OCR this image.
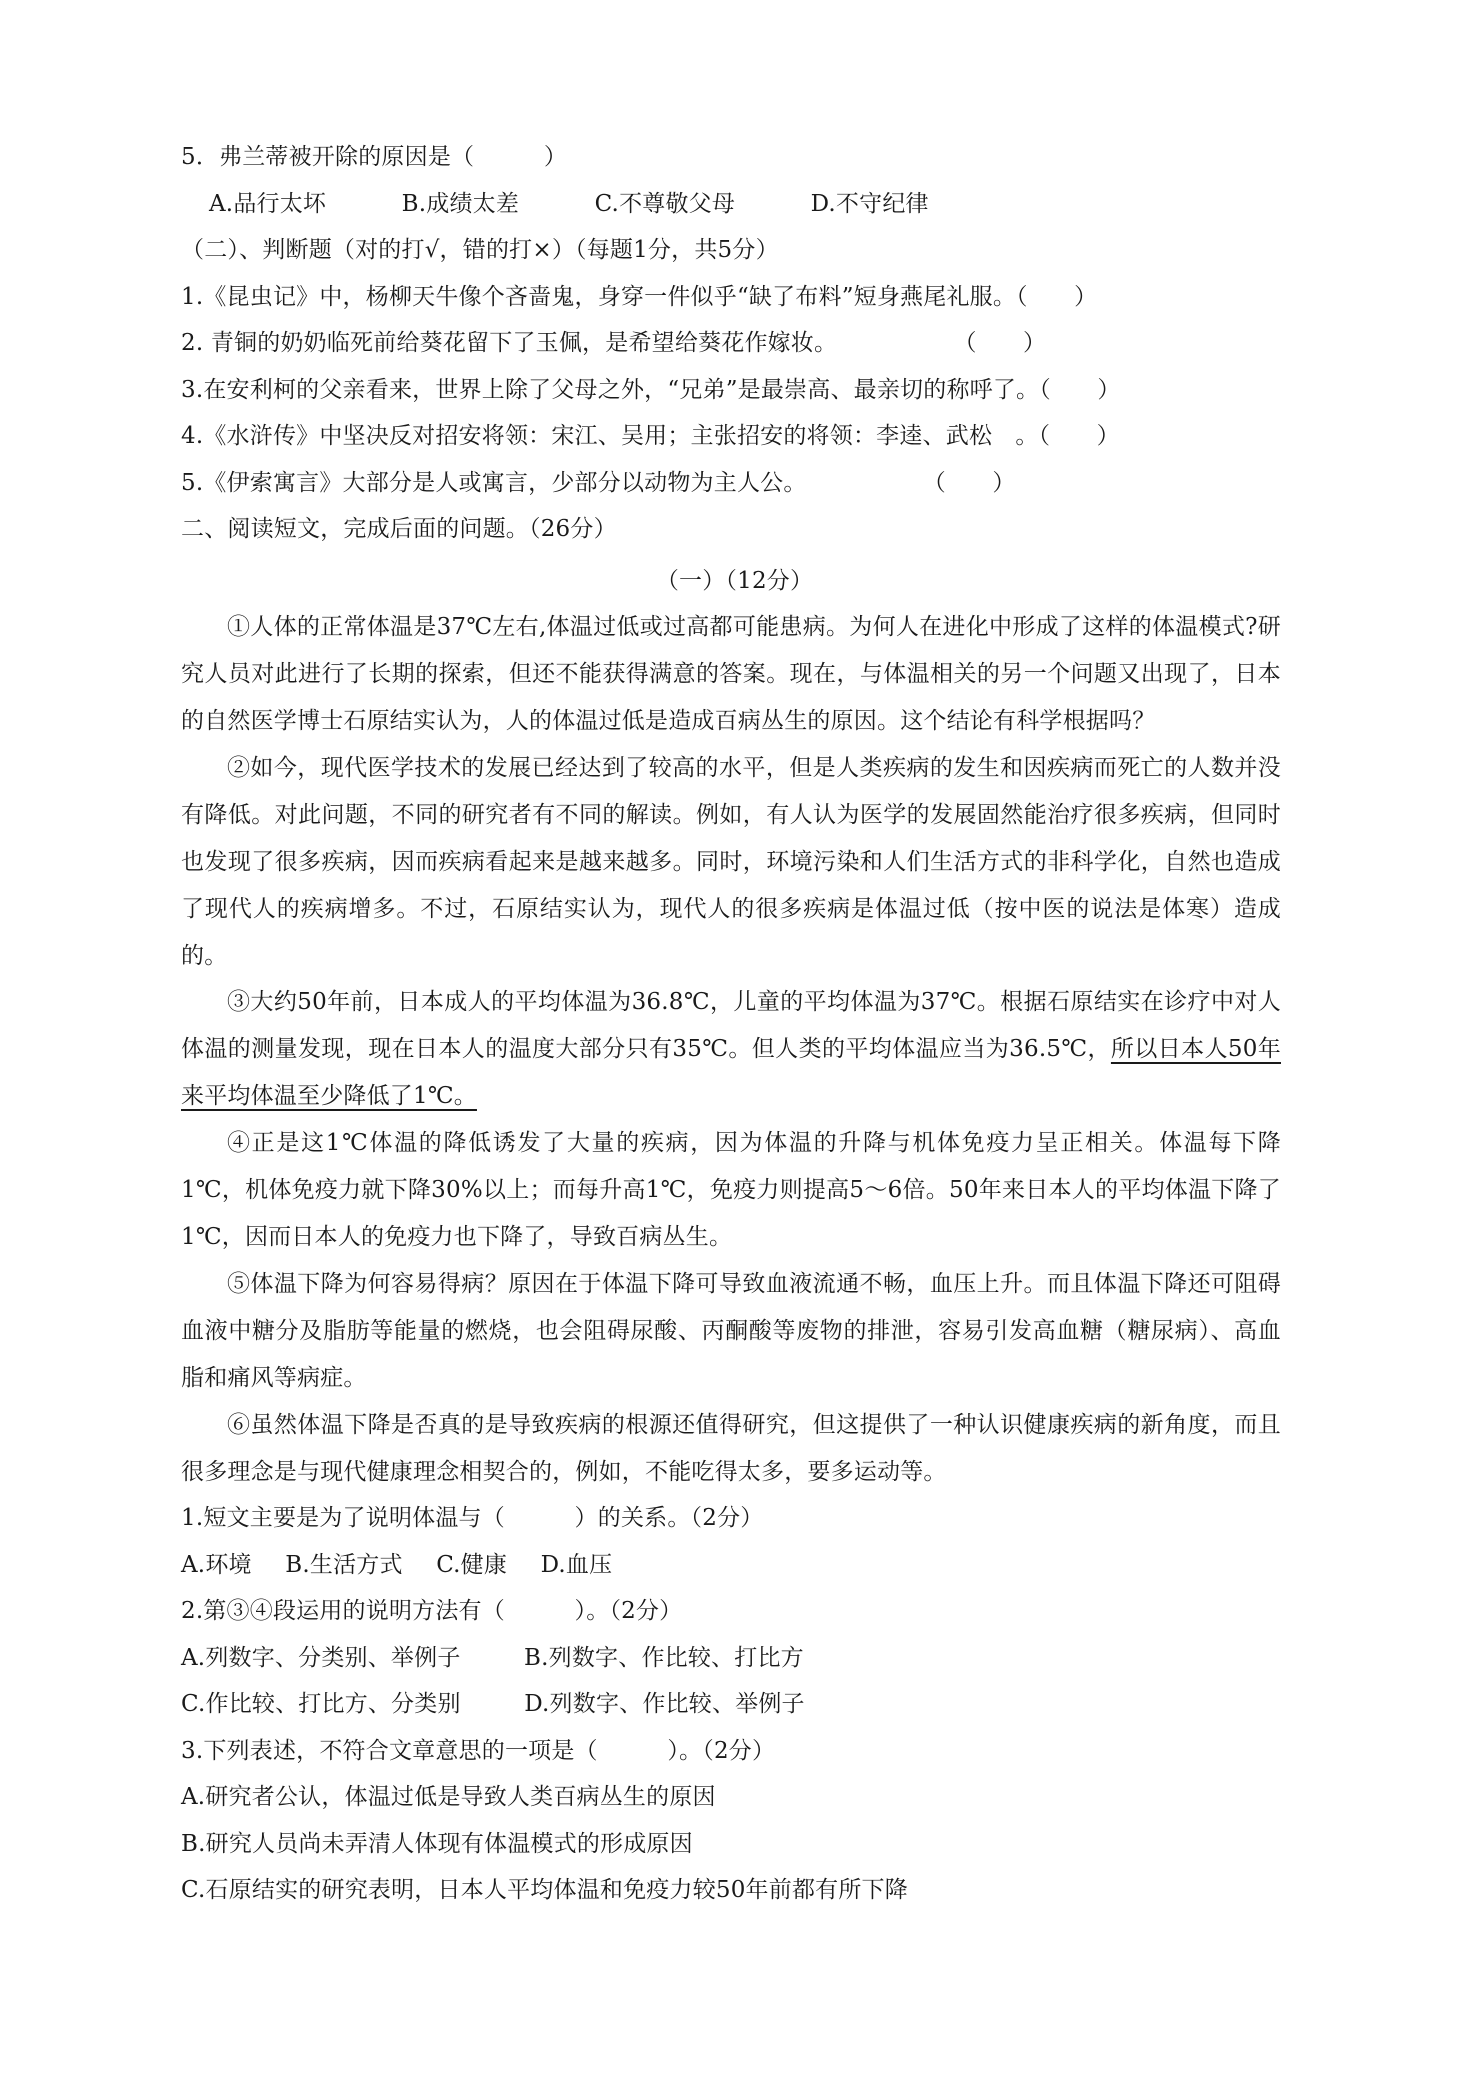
5．弗兰蒂被开除的原因是（　　　）
A.品行太坏	B.成绩太差	C.不尊敬父母	D.不守纪律
（二）、判断题（对的打√，错的打×）（每题1分，共5分）
1.《昆虫记》中，杨柳天牛像个吝啬鬼，身穿一件似乎“缺了布料”短身燕尾礼服。（　　）
2. 青铜的奶奶临死前给葵花留下了玉佩，是希望给葵花作嫁妆。　　　　　　（　　）
3.在安利柯的父亲看来，世界上除了父母之外，“兄弟”是最崇高、最亲切的称呼了。（　　）
4.《水浒传》中坚决反对招安将领：宋江、吴用；主张招安的将领：李逵、武松　。（　　）
5.《伊索寓言》大部分是人或寓言，少部分以动物为主人公。　　　　　　（　　）
二、阅读短文，完成后面的问题。（26分）
（一）（12分）
①人体的正常体温是37℃左右,体温过低或过高都可能患病。为何人在进化中形成了这样的体温模式?研究人员对此进行了长期的探索，但还不能获得满意的答案。现在，与体温相关的另一个问题又出现了，日本的自然医学博士石原结实认为，人的体温过低是造成百病丛生的原因。这个结论有科学根据吗？
②如今，现代医学技术的发展已经达到了较高的水平，但是人类疾病的发生和因疾病而死亡的人数并没有降低。对此问题，不同的研究者有不同的解读。例如，有人认为医学的发展固然能治疗很多疾病，但同时也发现了很多疾病，因而疾病看起来是越来越多。同时，环境污染和人们生活方式的非科学化，自然也造成了现代人的疾病增多。不过，石原结实认为，现代人的很多疾病是体温过低（按中医的说法是体寒）造成的。
③大约50年前，日本成人的平均体温为36.8℃，儿童的平均体温为37℃。根据石原结实在诊疗中对人体温的测量发现，现在日本人的温度大部分只有35℃。但人类的平均体温应当为36.5℃，所以日本人50年来平均体温至少降低了1℃。
④正是这1℃体温的降低诱发了大量的疾病，因为体温的升降与机体免疫力呈正相关。体温每下降1℃，机体免疫力就下降30%以上；而每升高1℃，免疫力则提高5～6倍。50年来日本人的平均体温下降了1℃，因而日本人的免疫力也下降了，导致百病丛生。
⑤体温下降为何容易得病？原因在于体温下降可导致血液流通不畅，血压上升。而且体温下降还可阻碍血液中糖分及脂肪等能量的燃烧，也会阻碍尿酸、丙酮酸等废物的排泄，容易引发高血糖（糖尿病）、高血脂和痛风等病症。
⑥虽然体温下降是否真的是导致疾病的根源还值得研究，但这提供了一种认识健康疾病的新角度，而且很多理念是与现代健康理念相契合的，例如，不能吃得太多，要多运动等。
1.短文主要是为了说明体温与（　　　）的关系。（2分）
A.环境 B.生活方式 C.健康 D.血压
2.第③④段运用的说明方法有（　　　）。（2分）
A.列数字、分类别、举例子	B.列数字、作比较、打比方
C.作比较、打比方、分类别	D.列数字、作比较、举例子
3.下列表述，不符合文章意思的一项是（　　　）。（2分）
A.研究者公认，体温过低是导致人类百病丛生的原因
B.研究人员尚未弄清人体现有体温模式的形成原因
C.石原结实的研究表明，日本人平均体温和免疫力较50年前都有所下降
